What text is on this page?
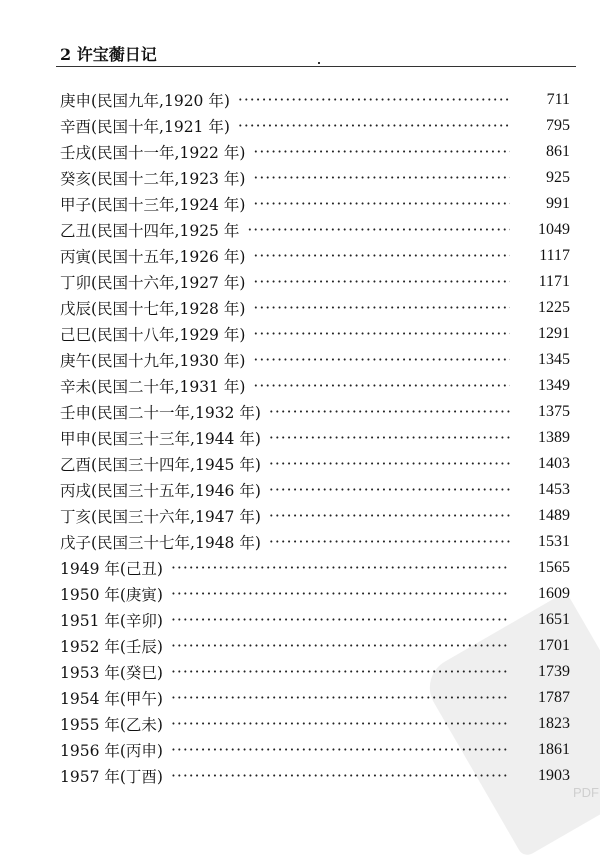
PDF
2 许宝蘅日记
庚申(民国九年,1920 年) ·····	711
辛酉(民国十年,1921 年) ·····	795
壬戌(民国十一年,1922 年) ·····	861
癸亥(民国十二年,1923 年) ·····	925
甲子(民国十三年,1924 年) ·····	991
乙丑(民国十四年,1925 年 ·····	1049
丙寅(民国十五年,1926 年) ·····	1117
丁卯(民国十六年,1927 年) ·····	1171
戊辰(民国十七年,1928 年) ·····	1225
己巳(民国十八年,1929 年) ·····	1291
庚午(民国十九年,1930 年) ·····	1345
辛未(民国二十年,1931 年) ·····	1349
壬申(民国二十一年,1932 年) ·····	1375
甲申(民国三十三年,1944 年) ·····	1389
乙酉(民国三十四年,1945 年) ·····	1403
丙戌(民国三十五年,1946 年) ·····	1453
丁亥(民国三十六年,1947 年) ·····	1489
戊子(民国三十七年,1948 年) ·····	1531
1949 年(己丑) ·····	1565
1950 年(庚寅) ·····	1609
1951 年(辛卯) ·····	1651
1952 年(壬辰) ·····	1701
1953 年(癸巳) ·····	1739
1954 年(甲午) ·····	1787
1955 年(乙未) ·····	1823
1956 年(丙申) ·····	1861
1957 年(丁酉) ·····	1903
